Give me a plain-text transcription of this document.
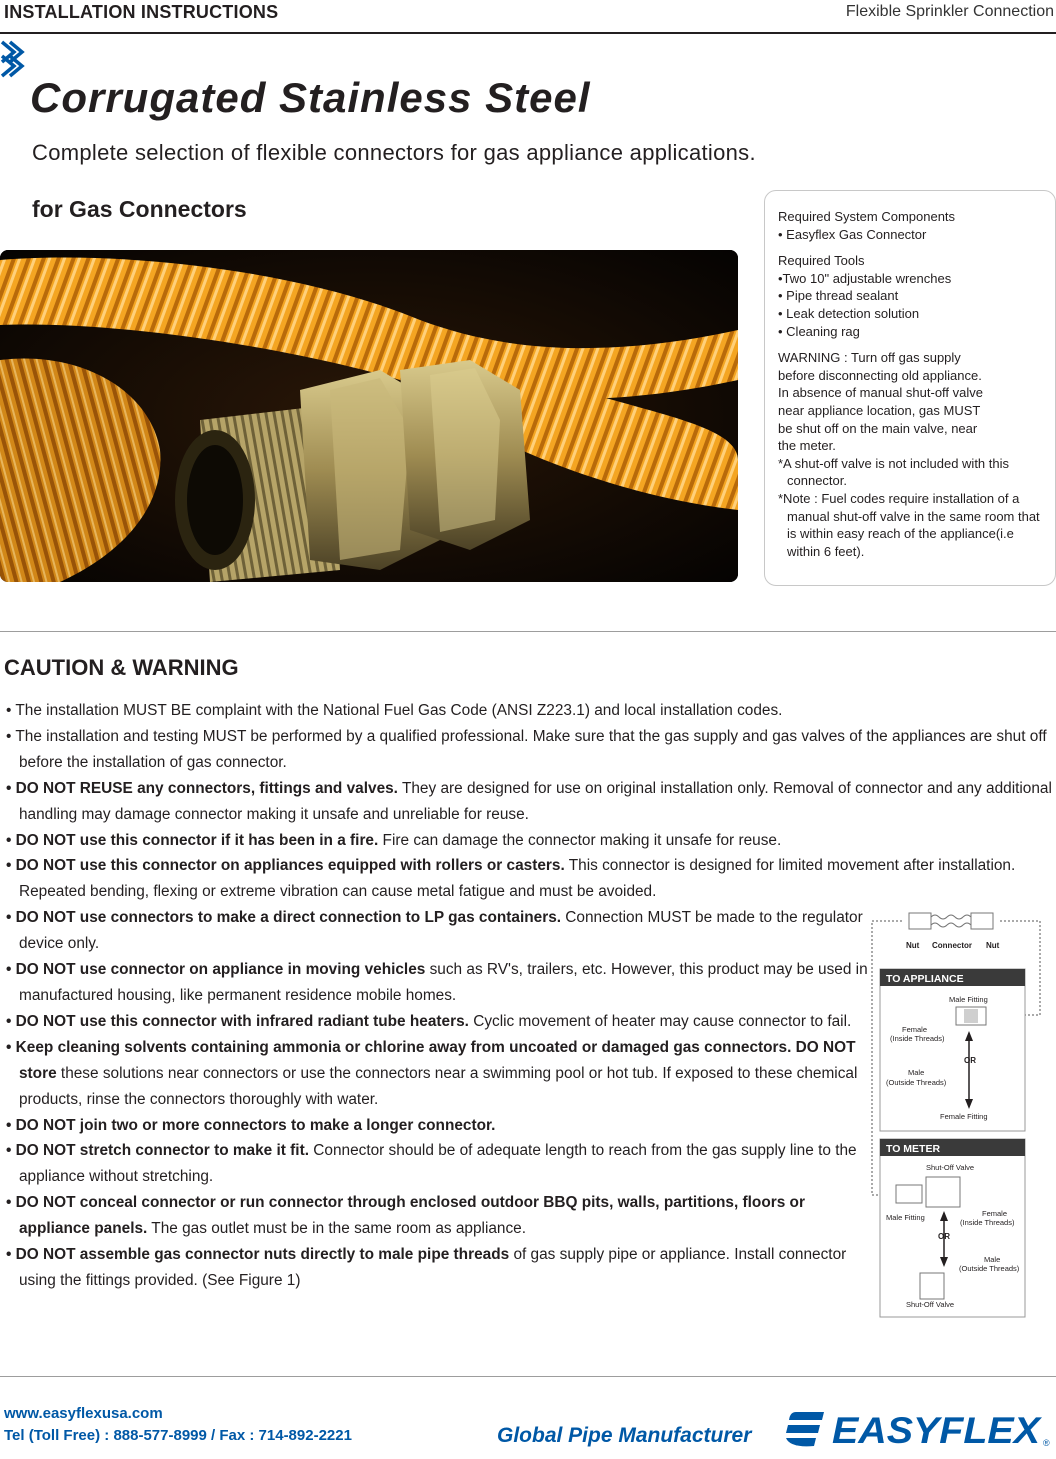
INSTALLATION INSTRUCTIONS	Flexible Sprinkler Connection
Corrugated Stainless Steel
Complete selection of flexible connectors for gas appliance applications.
for Gas Connectors	Required System Components
• Easyflex Gas Connector
Required Tools
•Two 10" adjustable wrenches
• Pipe thread sealant
• Leak detection solution
• Cleaning rag
WARNING : Turn off gas supply
before disconnecting old appliance.
In absence of manual shut-off valve
near appliance location, gas MUST
be shut off on the main valve, near
the meter.
*A shut-off valve is not included with this connector.
*Note : Fuel codes require installation of a manual shut-off valve in the same room that is within easy reach of the appliance(i.e within 6 feet).
CAUTION & WARNING
• The installation MUST BE complaint with the National Fuel Gas Code (ANSI Z223.1) and local installation codes.
• The installation and testing MUST be performed by a qualified professional. Make sure that the gas supply and gas valves of the appliances are shut off before the installation of gas connector.
• DO NOT REUSE any connectors, fittings and valves. They are designed for use on original installation only. Removal of connector and any additional handling may damage connector making it unsafe and unreliable for reuse.
• DO NOT use this connector if it has been in a fire. Fire can damage the connector making it unsafe for reuse.
• DO NOT use this connector on appliances equipped with rollers or casters. This connector is designed for limited movement after installation. Repeated bending, flexing or extreme vibration can cause metal fatigue and must be avoided.
• DO NOT use connectors to make a direct connection to LP gas containers. Connection MUST be made to the regulator device only.
• DO NOT use connector on appliance in moving vehicles such as RV's, trailers, etc. However, this product may be used in manufactured housing, like permanent residence mobile homes.
• DO NOT use this connector with infrared radiant tube heaters. Cyclic movement of heater may cause connector to fail.
• Keep cleaning solvents containing ammonia or chlorine away from uncoated or damaged gas connectors. DO NOT store these solutions near connectors or use the connectors near a swimming pool or hot tub. If exposed to these chemical products, rinse the connectors thoroughly with water.
• DO NOT join two or more connectors to make a longer connector.
• DO NOT stretch connector to make it fit. Connector should be of adequate length to reach from the gas supply line to the appliance without stretching.
• DO NOT conceal connector or run connector through enclosed outdoor BBQ pits, walls, partitions, floors or appliance panels. The gas outlet must be in the same room as appliance.
• DO NOT assemble gas connector nuts directly to male pipe threads of gas supply pipe or appliance. Install connector using the fittings provided. (See Figure 1)
Nut Connector Nut
TO APPLIANCE
Male Fitting
Female
(Inside Threads)
OR
Male
(Outside Threads)
Female Fitting
TO METER
Shut-Off Valve
Male Fitting	Female
(Inside Threads)
OR
Male
(Outside Threads)
Shut-Off Valve
www.easyflexusa.com
Tel (Toll Free) : 888-577-8999 / Fax : 714-892-2221	Global Pipe Manufacturer EASYFLEX ®
